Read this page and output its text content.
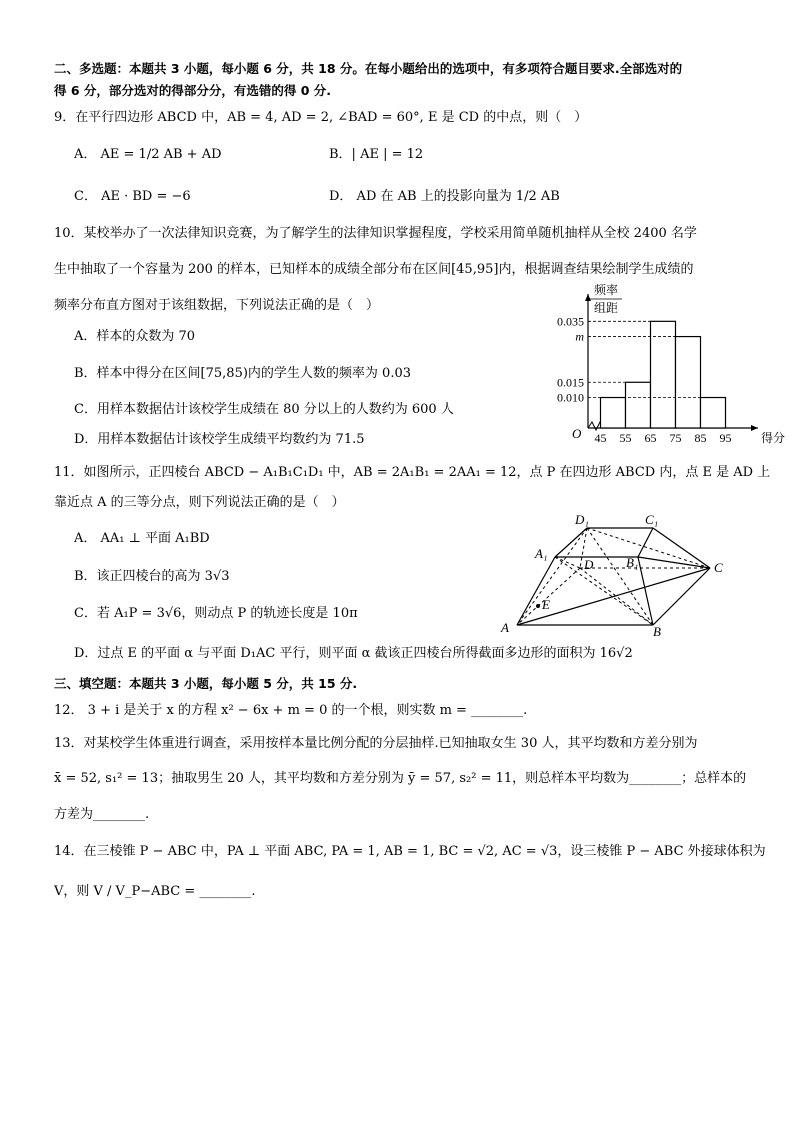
二、多选题：本题共 3 小题，每小题 6 分，共 18 分。在每小题给出的选项中，有多项符合题目要求.全部选对的
得 6 分，部分选对的得部分分，有选错的得 0 分.
9．在平行四边形 ABCD 中，AB = 4, AD = 2, ∠BAD = 60°, E 是 CD 的中点，则（　）
A． AE = 1/2 AB + AD	B．| AE | = 12
C． AE · BD = −6	D． AD 在 AB 上的投影向量为 1/2 AB
10．某校举办了一次法律知识竞赛，为了解学生的法律知识掌握程度，学校采用简单随机抽样从全校 2400 名学
生中抽取了一个容量为 200 的样本，已知样本的成绩全部分布在区间[45,95]内，根据调查结果绘制学生成绩的
频率分布直方图对于该组数据，下列说法正确的是（　）
A．样本的众数为 70
B．样本中得分在区间[75,85)内的学生人数的频率为 0.03
C．用样本数据估计该校学生成绩在 80 分以上的人数约为 600 人
D．用样本数据估计该校学生成绩平均数约为 71.5
0.010
0.015
m
0.035
45 55 65 75 85 95 得分
O
频率
组距
11．如图所示，正四棱台 ABCD − A₁B₁C₁D₁ 中，AB = 2A₁B₁ = 2AA₁ = 12，点 P 在四边形 ABCD 内，点 E 是 AD 上
靠近点 A 的三等分点，则下列说法正确的是（　）
A． AA₁ ⊥ 平面 A₁BD
B．该正四棱台的高为 3√3
C．若 A₁P = 3√6，则动点 P 的轨迹长度是 10π
D．过点 E 的平面 α 与平面 D₁AC 平行，则平面 α 截该正四棱台所得截面多边形的面积为 16√2
D₁	C₁
A₁
B₁
D	C
E
A	B
三、填空题：本题共 3 小题，每小题 5 分，共 15 分.
12． 3 + i 是关于 x 的方程 x² − 6x + m = 0 的一个根，则实数 m = ________.
13．对某校学生体重进行调查，采用按样本量比例分配的分层抽样.已知抽取女生 30 人，其平均数和方差分别为
x̄ = 52, s₁² = 13；抽取男生 20 人，其平均数和方差分别为 ȳ = 57, s₂² = 11，则总样本平均数为________；总样本的
方差为________.
14．在三棱锥 P − ABC 中，PA ⊥ 平面 ABC, PA = 1, AB = 1, BC = √2, AC = √3，设三棱锥 P − ABC 外接球体积为
V，则 V / V_P−ABC = ________.
